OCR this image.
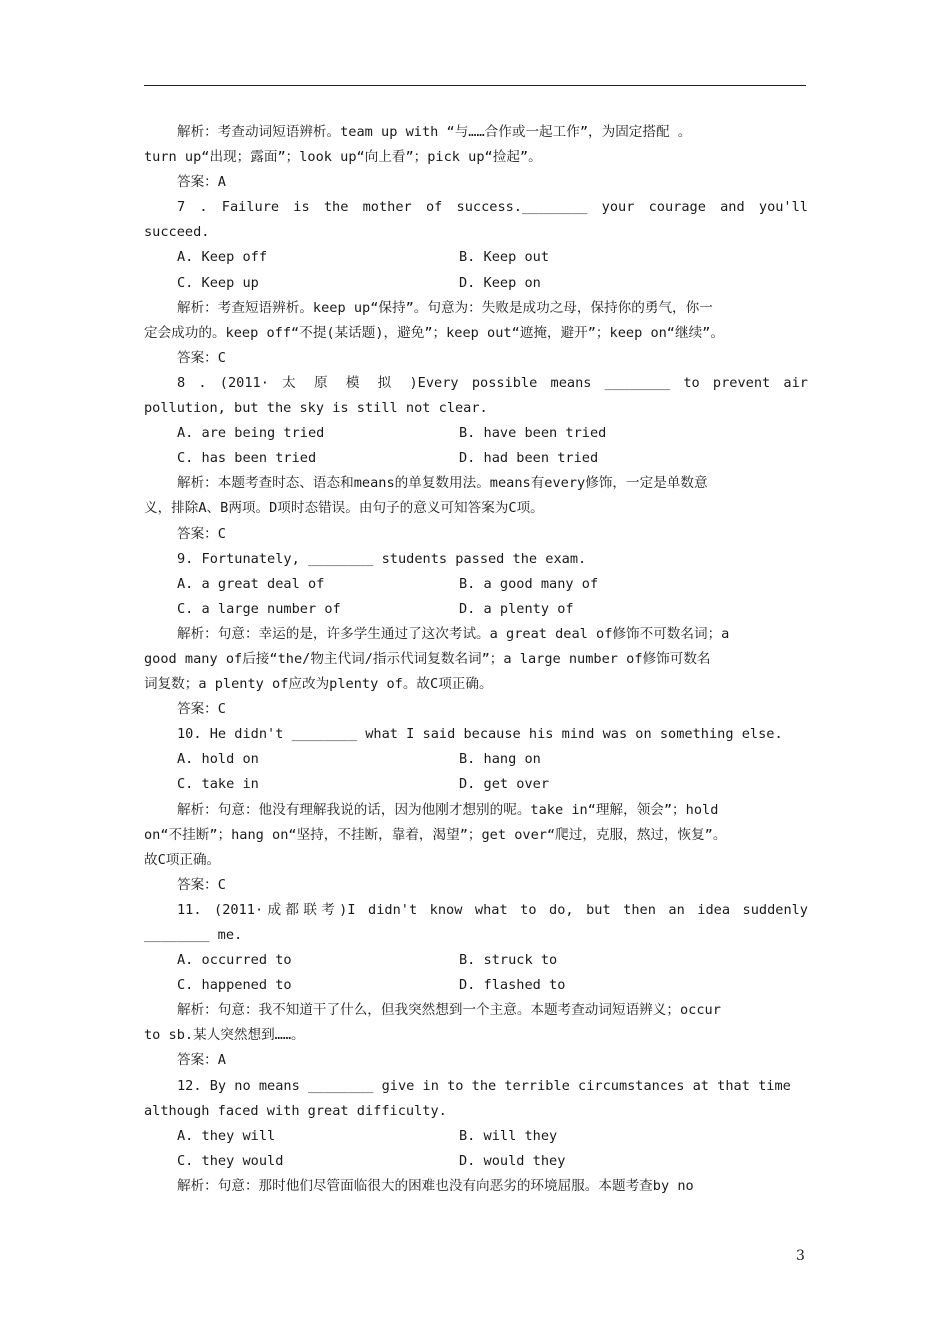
解析：考查动词短语辨析。team up with “与……合作或一起工作”，为固定搭配 。
turn up“出现；露面”；look up“向上看”；pick up“捡起”。
答案：A
7 . Failure is the mother of success.________ your courage and you'll
succeed.
A. Keep off	B. Keep out
C. Keep up	D. Keep on
解析：考查短语辨析。keep up“保持”。句意为：失败是成功之母，保持你的勇气，你一
定会成功的。keep off“不提(某话题)，避免”；keep out“遮掩，避开”；keep on“继续”。
答案：C
8 . (2011· 太 原 模 拟 )Every possible means ________ to prevent air
pollution, but the sky is still not clear.
A. are being tried	B. have been tried
C. has been tried	D. had been tried
解析：本题考查时态、语态和means的单复数用法。means有every修饰，一定是单数意
义，排除A、B两项。D项时态错误。由句子的意义可知答案为C项。
答案：C
9. Fortunately, ________ students passed the exam.
A. a great deal of	B. a good many of
C. a large number of	D. a plenty of
解析：句意：幸运的是，许多学生通过了这次考试。a great deal of修饰不可数名词；a
good many of后接“the/物主代词/指示代词复数名词”；a large number of修饰可数名
词复数；a plenty of应改为plenty of。故C项正确。
答案：C
10. He didn't ________ what I said because his mind was on something else.
A. hold on	B. hang on
C. take in	D. get over
解析：句意：他没有理解我说的话，因为他刚才想别的呢。take in“理解，领会”；hold
on“不挂断”；hang on“坚持，不挂断，靠着，渴望”；get over“爬过，克服，熬过，恢复”。
故C项正确。
答案：C
11. (2011·成都联考)I didn't know what to do, but then an idea suddenly
________ me.
A. occurred to	B. struck to
C. happened to	D. flashed to
解析：句意：我不知道干了什么，但我突然想到一个主意。本题考查动词短语辨义；occur
to sb.某人突然想到……。
答案：A
12. By no means ________ give in to the terrible circumstances at that time
although faced with great difficulty.
A. they will	B. will they
C. they would	D. would they
解析：句意：那时他们尽管面临很大的困难也没有向恶劣的环境屈服。本题考查by no
3
